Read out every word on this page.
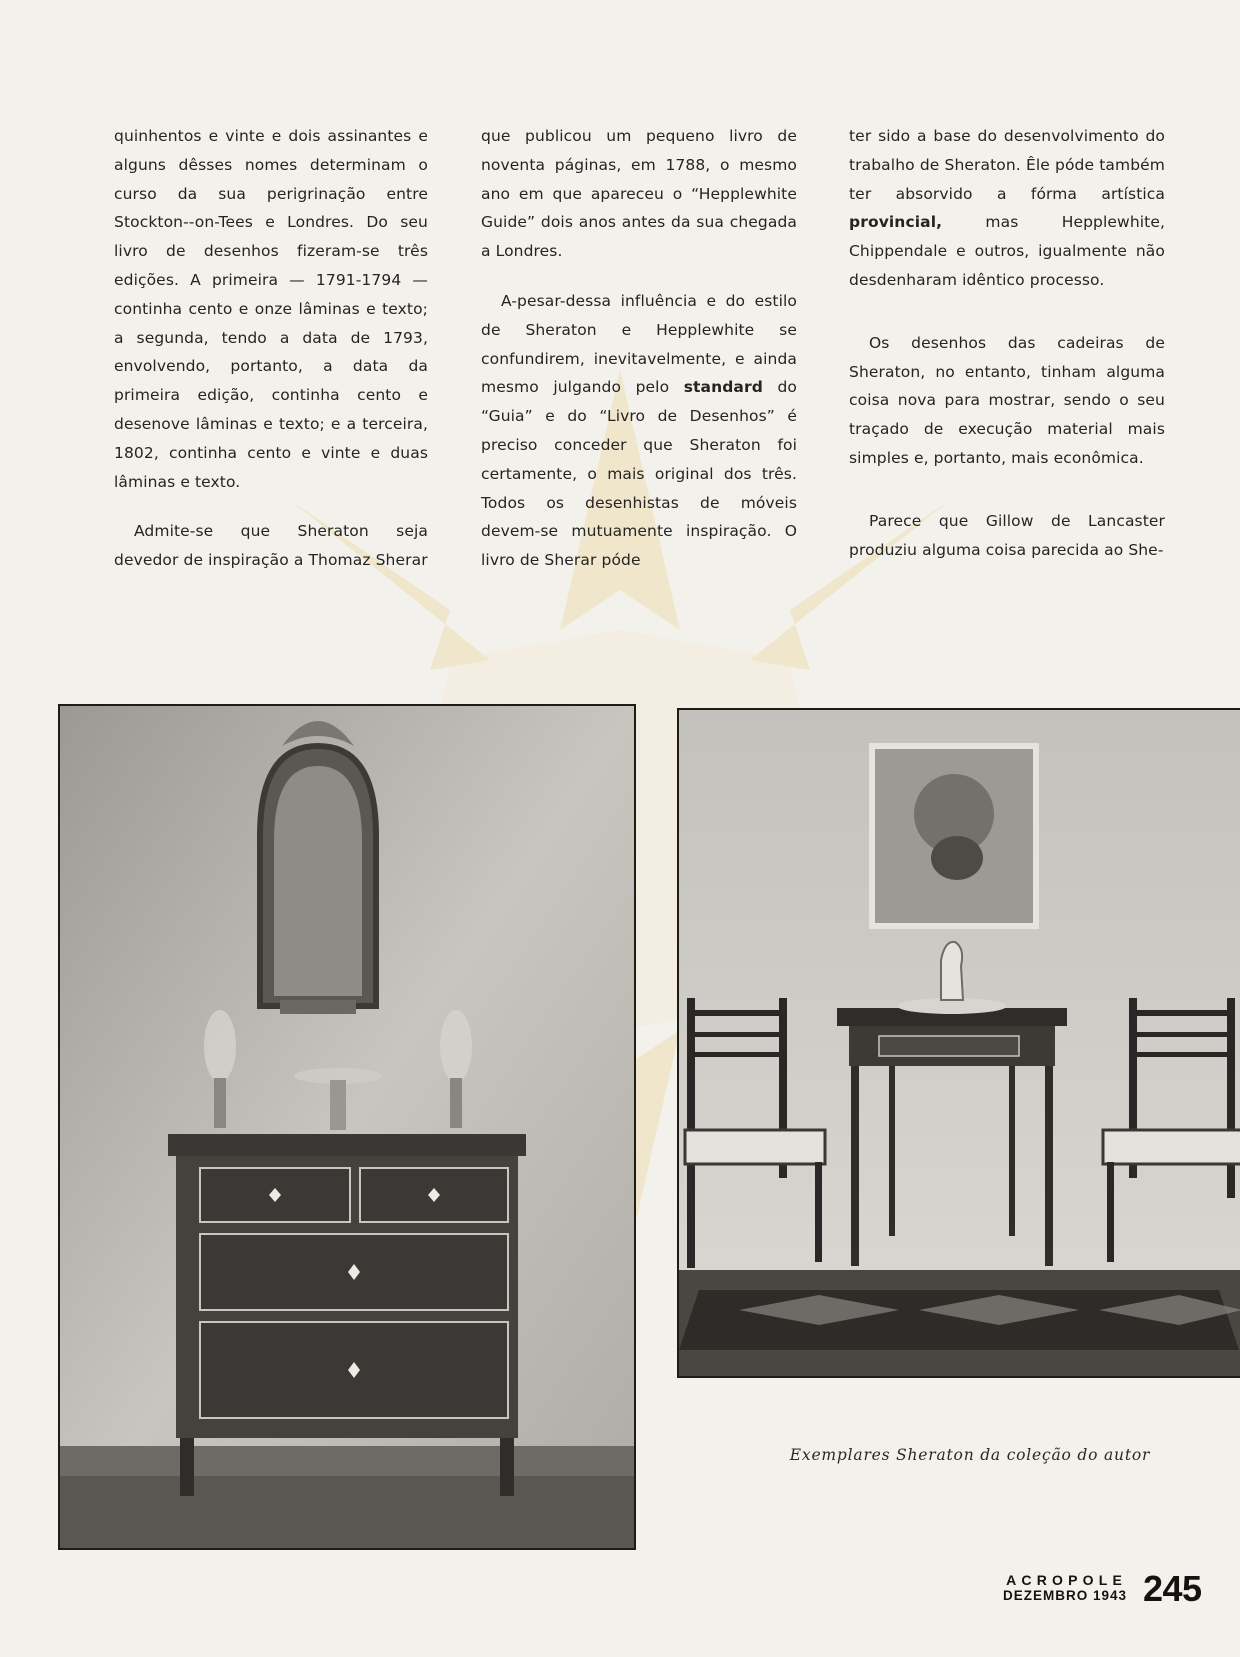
quinhentos e vinte e dois assinantes e alguns dêsses nomes determinam o curso da sua perigrinação entre Stockton--on-Tees e Londres. Do seu livro de desenhos fizeram-se três edições. A primeira — 1791-1794 — continha cento e onze lâminas e texto; a segunda, tendo a data de 1793, envolvendo, portanto, a data da primeira edição, continha cento e desenove lâminas e texto; e a terceira, 1802, continha cento e vinte e duas lâminas e texto.

Admite-se que Sheraton seja devedor de inspiração a Thomaz Sherar

que publicou um pequeno livro de noventa páginas, em 1788, o mesmo ano em que apareceu o “Hepplewhite Guide” dois anos antes da sua chegada a Londres.

A-pesar-dessa influência e do estilo de Sheraton e Hepplewhite se confundirem, inevitavelmente, e ainda mesmo julgando pelo standard do “Guia” e do “Livro de Desenhos” é preciso conceder que Sheraton foi certamente, o mais original dos três. Todos os desenhistas de móveis devem-se mutuamente inspiração. O livro de Sherar póde

ter sido a base do desenvolvimento do trabalho de Sheraton. Êle póde também ter absorvido a fórma artística provincial, mas Hepplewhite, Chippendale e outros, igualmente não desdenharam idêntico processo.

Os desenhos das cadeiras de Sheraton, no entanto, tinham alguma coisa nova para mostrar, sendo o seu traçado de execução material mais simples e, portanto, mais econômica.

Parece que Gillow de Lancaster produziu alguma coisa parecida ao She-

Exemplares Sheraton da coleção do autor
ACROPOLE
DEZEMBRO 1943 245
